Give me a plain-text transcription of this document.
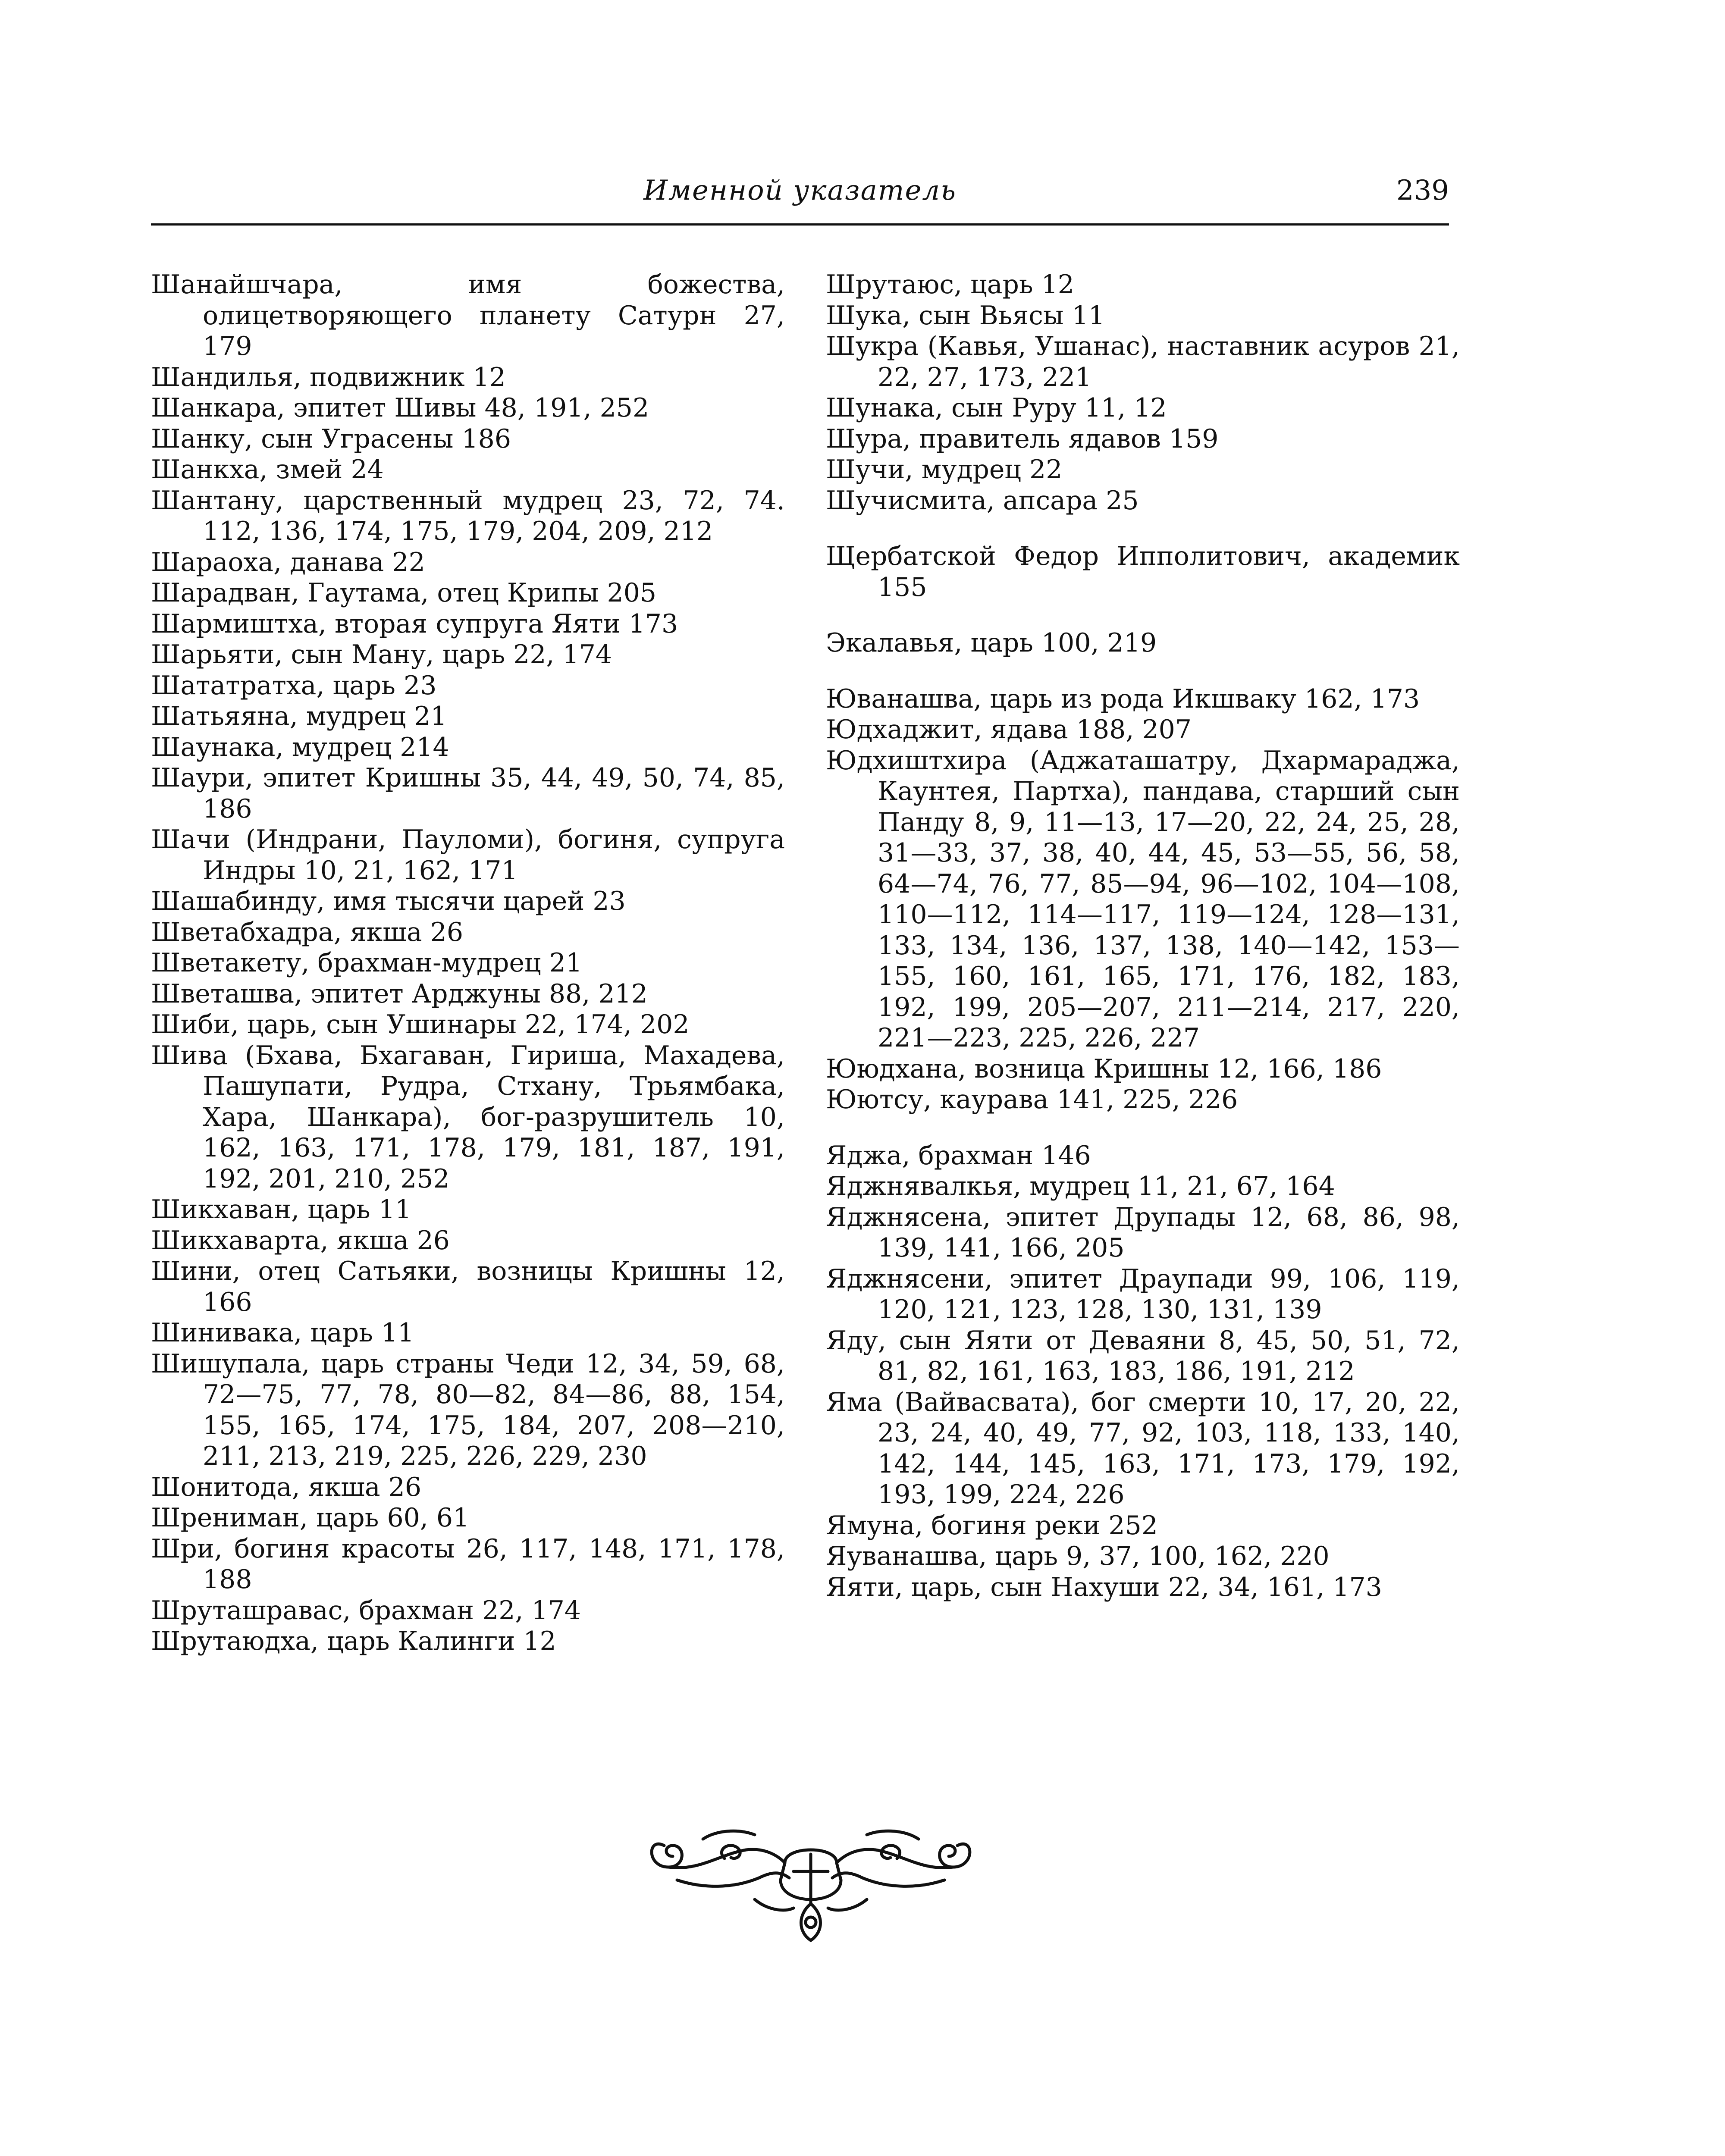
Именной указатель	239

Шанайшчара, имя божества, олицетворяющего планету Сатурн 27, 179

Шандилья, подвижник 12

Шанкара, эпитет Шивы 48, 191, 252

Шанку, сын Уграсены 186

Шанкха, змей 24

Шантану, царственный мудрец 23, 72, 74. 112, 136, 174, 175, 179, 204, 209, 212

Шараоха, данава 22

Шарадван, Гаутама, отец Крипы 205

Шармиштха, вторая супруга Яяти 173

Шарьяти, сын Ману, царь 22, 174

Шататратха, царь 23

Шатьяяна, мудрец 21

Шаунака, мудрец 214

Шаури, эпитет Кришны 35, 44, 49, 50, 74, 85, 186

Шачи (Индрани, Пауломи), богиня, супруга Индры 10, 21, 162, 171

Шашабинду, имя тысячи царей 23

Шветабхадра, якша 26

Шветакету, брахман-мудрец 21

Шветашва, эпитет Арджуны 88, 212

Шиби, царь, сын Ушинары 22, 174, 202

Шива (Бхава, Бхагаван, Гириша, Махадева, Пашупати, Рудра, Стхану, Трьямбака, Хара, Шанкара), бог-разрушитель 10, 162, 163, 171, 178, 179, 181, 187, 191, 192, 201, 210, 252

Шикхаван, царь 11

Шикхаварта, якша 26

Шини, отец Сатьяки, возницы Кришны 12, 166

Шинивака, царь 11

Шишупала, царь страны Чеди 12, 34, 59, 68, 72—75, 77, 78, 80—82, 84—86, 88, 154, 155, 165, 174, 175, 184, 207, 208—210, 211, 213, 219, 225, 226, 229, 230

Шонитода, якша 26

Шрениман, царь 60, 61

Шри, богиня красоты 26, 117, 148, 171, 178, 188

Шруташравас, брахман 22, 174

Шрутаюдха, царь Калинги 12

Шрутаюс, царь 12

Шука, сын Вьясы 11

Шукра (Кавья, Ушанас), наставник асуров 21, 22, 27, 173, 221

Шунака, сын Руру 11, 12

Шура, правитель ядавов 159

Шучи, мудрец 22

Шучисмита, апсара 25

Щербатской Федор Ипполитович, академик 155

Экалавья, царь 100, 219

Юванашва, царь из рода Икшваку 162, 173

Юдхаджит, ядава 188, 207

Юдхиштхира (Аджаташатру, Дхармараджа, Каунтея, Партха), пандава, старший сын Панду 8, 9, 11—13, 17—20, 22, 24, 25, 28, 31—33, 37, 38, 40, 44, 45, 53—55, 56, 58, 64—74, 76, 77, 85—94, 96—102, 104—108, 110—112, 114—117, 119—124, 128—131, 133, 134, 136, 137, 138, 140—142, 153—155, 160, 161, 165, 171, 176, 182, 183, 192, 199, 205—207, 211—214, 217, 220, 221—223, 225, 226, 227

Ююдхана, возница Кришны 12, 166, 186

Юютсу, каурава 141, 225, 226

Яджа, брахман 146

Яджнявалкья, мудрец 11, 21, 67, 164

Яджнясена, эпитет Друпады 12, 68, 86, 98, 139, 141, 166, 205

Яджнясени, эпитет Драупади 99, 106, 119, 120, 121, 123, 128, 130, 131, 139

Яду, сын Яяти от Деваяни 8, 45, 50, 51, 72, 81, 82, 161, 163, 183, 186, 191, 212

Яма (Вайвасвата), бог смерти 10, 17, 20, 22, 23, 24, 40, 49, 77, 92, 103, 118, 133, 140, 142, 144, 145, 163, 171, 173, 179, 192, 193, 199, 224, 226

Ямуна, богиня реки 252

Яуванашва, царь 9, 37, 100, 162, 220

Яяти, царь, сын Нахуши 22, 34, 161, 173
